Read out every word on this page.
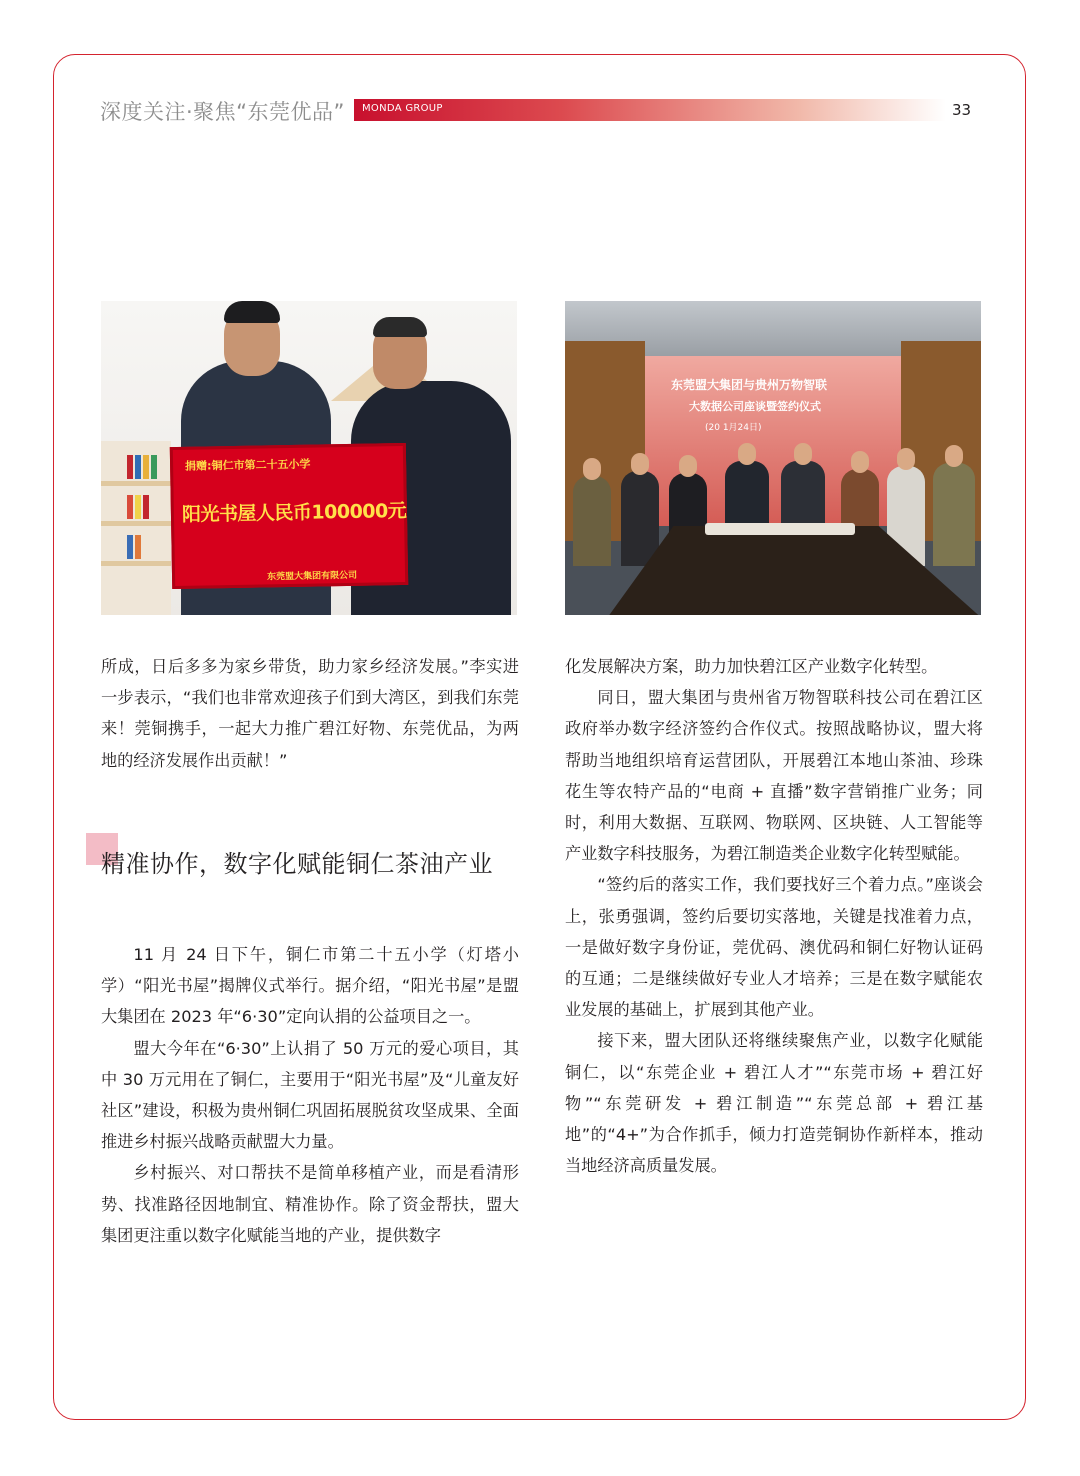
深度关注·聚焦“东莞优品” MONDA GROUP	33
捐赠:铜仁市第二十五小学
阳光书屋人民币100000元
东莞盟大集团有限公司
东莞盟大集团与贵州万物智联
大数据公司座谈暨签约仪式
(20 1月24日)

所成，日后多多为家乡带货，助力家乡经济发展。”李实进一步表示，“我们也非常欢迎孩子们到大湾区，到我们东莞来！莞铜携手，一起大力推广碧江好物、东莞优品，为两地的经济发展作出贡献！”

精准协作，数字化赋能铜仁茶油产业

11 月 24 日下午，铜仁市第二十五小学（灯塔小学）“阳光书屋”揭牌仪式举行。据介绍，“阳光书屋”是盟大集团在 2023 年“6·30”定向认捐的公益项目之一。

盟大今年在“6·30”上认捐了 50 万元的爱心项目，其中 30 万元用在了铜仁，主要用于“阳光书屋”及“儿童友好社区”建设，积极为贵州铜仁巩固拓展脱贫攻坚成果、全面推进乡村振兴战略贡献盟大力量。

乡村振兴、对口帮扶不是简单移植产业，而是看清形势、找准路径因地制宜、精准协作。除了资金帮扶，盟大集团更注重以数字化赋能当地的产业，提供数字

化发展解决方案，助力加快碧江区产业数字化转型。

同日，盟大集团与贵州省万物智联科技公司在碧江区政府举办数字经济签约合作仪式。按照战略协议，盟大将帮助当地组织培育运营团队，开展碧江本地山茶油、珍珠花生等农特产品的“电商 + 直播”数字营销推广业务；同时，利用大数据、互联网、物联网、区块链、人工智能等产业数字科技服务，为碧江制造类企业数字化转型赋能。

“签约后的落实工作，我们要找好三个着力点。”座谈会上，张勇强调，签约后要切实落地，关键是找准着力点，一是做好数字身份证，莞优码、澳优码和铜仁好物认证码的互通；二是继续做好专业人才培养；三是在数字赋能农业发展的基础上，扩展到其他产业。

接下来，盟大团队还将继续聚焦产业，以数字化赋能铜仁，以“东莞企业 + 碧江人才”“东莞市场 + 碧江好物”“东莞研发 + 碧江制造”“东莞总部 + 碧江基地”的“4+”为合作抓手，倾力打造莞铜协作新样本，推动当地经济高质量发展。
